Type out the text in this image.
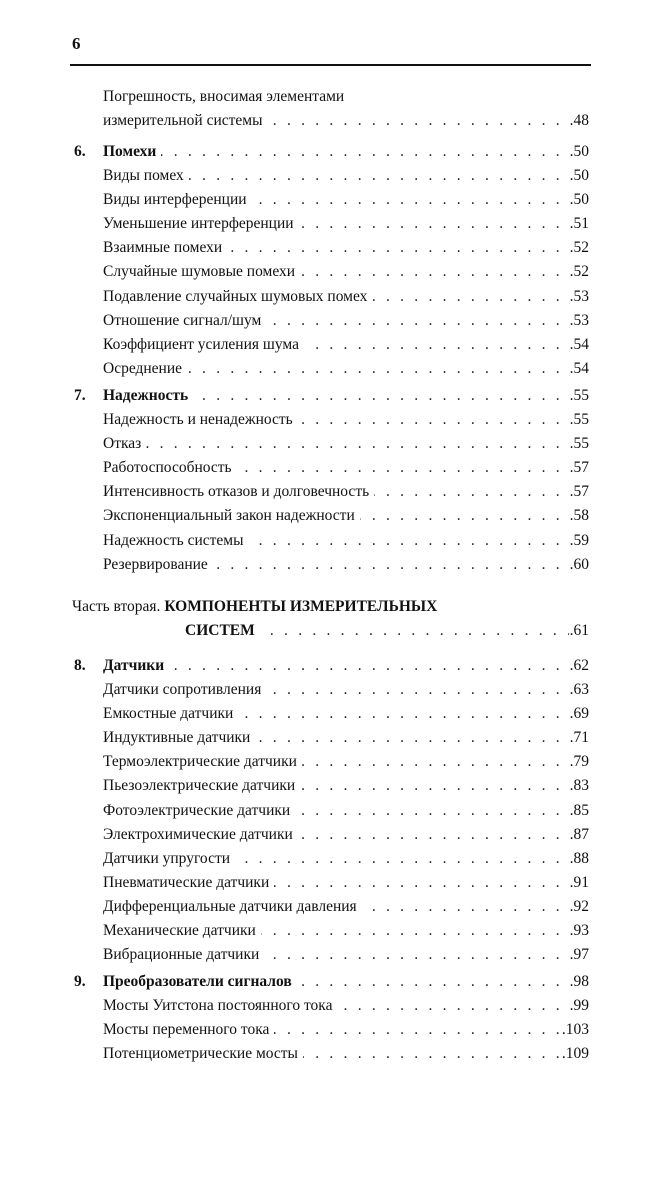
6
Погрешность, вносимая элементами
. . .
измерительной системы	.48
6. . . . Помехи	.50
. . .
Виды помех	.50
. . .
Виды интерференции	.50
. . .
Уменьшение интерференции	.51
. . .
Взаимные помехи	.52
. . .
Случайные шумовые помехи	.52
. . .
Подавление случайных шумовых помех	.53
. . .
Отношение сигнал/шум	.53
. . .
Коэффициент усиления шума	.54
. . .
Осреднение	.54
7. . . . Надежность	.55
. . .
Надежность и ненадежность	.55
. . .
Отказ	.55
. . .
Работоспособность	.57
. . .
Интенсивность отказов и долговечность	.57
. . .
Экспоненциальный закон надежности	.58
. . .
Надежность системы	.59
. . .
Резервирование	.60
Часть вторая. КОМПОНЕНТЫ ИЗМЕРИТЕЛЬНЫХ
. . .
СИСТЕМ	.61
8. . . . Датчики	.62
. . .
Датчики сопротивления	.63
. . .
Емкостные датчики	.69
. . .
Индуктивные датчики	.71
. . .
Термоэлектрические датчики	.79
. . .
Пьезоэлектрические датчики	.83
. . .
Фотоэлектрические датчики	.85
. . .
Электрохимические датчики	.87
. . .
Датчики упругости	.88
. . .
Пневматические датчики	.91
. . .
Дифференциальные датчики давления	.92
. . .
Механические датчики	.93
. . .
Вибрационные датчики	.97
9. . . . Преобразователи сигналов	.98
. . .
Мосты Уитстона постоянного тока	.99
. . .
Мосты переменного тока	.103
. . .
Потенциометрические мосты	.109
